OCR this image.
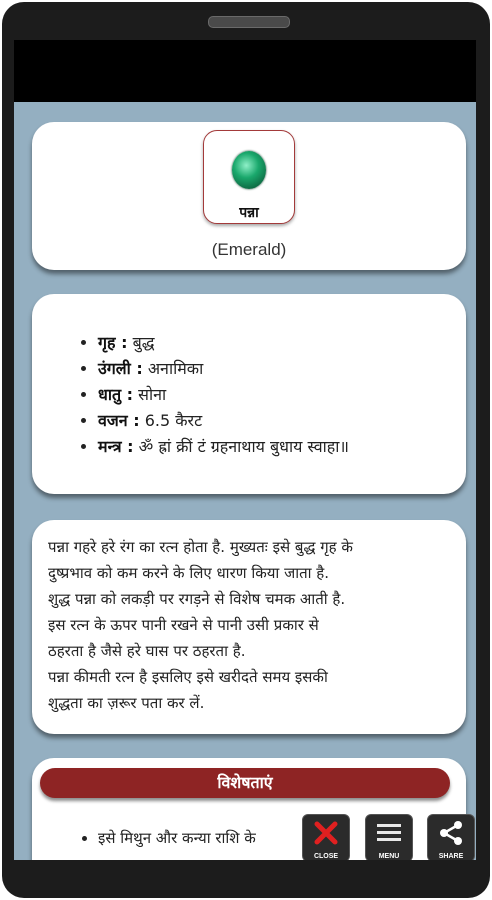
पन्ना
(Emerald)
• गृह : बुद्ध
• उंगली : अनामिका
• धातु : सोना
• वजन : 6.5 कैरट
• मन्त्र : ॐ ह्रां क्रीं टं ग्रहनाथाय बुधाय स्वाहा॥

पन्ना गहरे हरे रंग का रत्न होता है. मुख्यतः इसे बुद्ध गृह के

दुष्प्रभाव को कम करने के लिए धारण किया जाता है.

शुद्ध पन्ना को लकड़ी पर रगड़ने से विशेष चमक आती है.

इस रत्न के ऊपर पानी रखने से पानी उसी प्रकार से

ठहरता है जैसे हरे घास पर ठहरता है.

पन्ना कीमती रत्न है इसलिए इसे खरीदते समय इसकी

शुद्धता का ज़रूर पता कर लें.

विशेषताएं
• इसे मिथुन और कन्या राशि के
CLOSE	MENU	SHARE
